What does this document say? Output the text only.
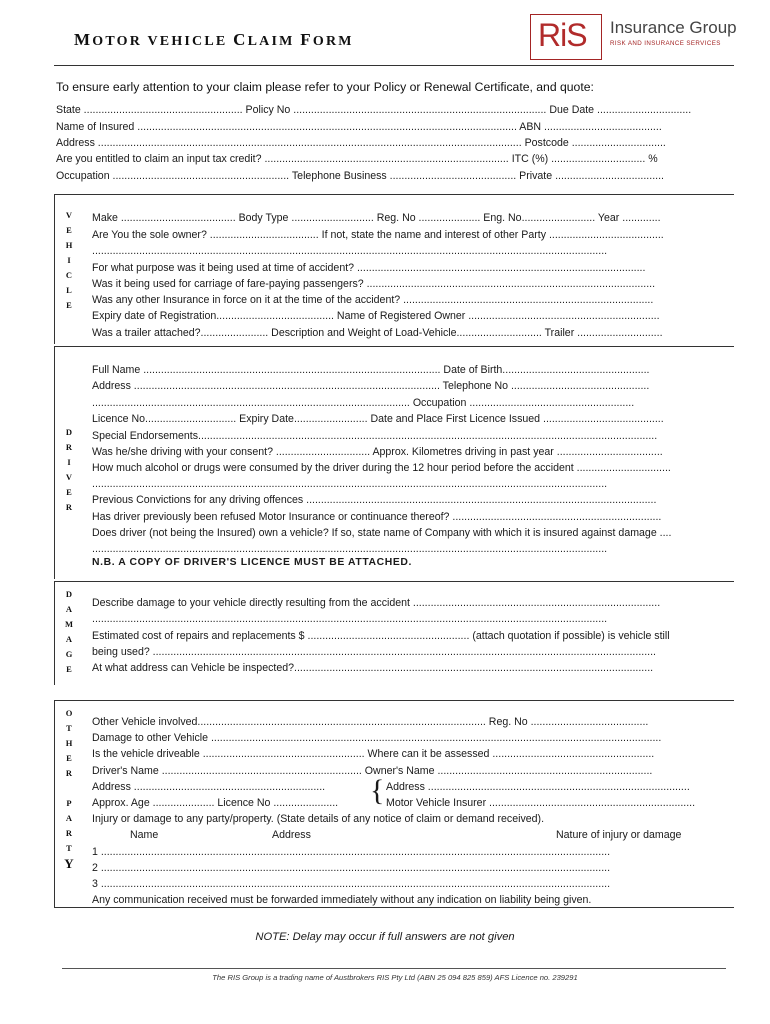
MOTOR VEHICLE CLAIM FORM	RiS Insurance Group
RISK AND INSURANCE SERVICES
To ensure early attention to your claim please refer to your Policy or Renewal Certificate, and quote:
State ...................................................... Policy No ...................................................................................... Due Date ................................
Name of Insured ................................................................................................................................. ABN ........................................
Address ................................................................................................................................................ Postcode ................................
Are you entitled to claim an input tax credit? ................................................................................... ITC (%) ................................ %
Occupation ............................................................ Telephone Business ........................................... Private .....................................
V
E
H
I
C
L
E
Make ....................................... Body Type ............................ Reg. No ..................... Eng. No......................... Year .............
Are You the sole owner? ..................................... If not, state the name and interest of other Party .......................................
...............................................................................................................................................................................
For what purpose was it being used at time of accident? ..................................................................................................
Was it being used for carriage of fare-paying passengers? ..................................................................................................
Was any other Insurance in force on it at the time of the accident? .....................................................................................
Expiry date of Registration........................................ Name of Registered Owner .................................................................
Was a trailer attached?....................... Description and Weight of Load-Vehicle............................. Trailer .............................
D
R
I
V
E
R
Full Name ..................................................................................................... Date of Birth..................................................
Address ........................................................................................................ Telephone No ...............................................
............................................................................................................ Occupation ........................................................
Licence No............................... Expiry Date......................... Date and Place First Licence Issued .........................................
Special Endorsements............................................................................................................................................................
Was he/she driving with your consent? ................................ Approx. Kilometres driving in past year ....................................
How much alcohol or drugs were consumed by the driver during the 12 hour period before the accident ................................
...............................................................................................................................................................................
Previous Convictions for any driving offences .......................................................................................................................
Has driver previously been refused Motor Insurance or continuance thereof? .......................................................................
Does driver (not being the Insured) own a vehicle? If so, state name of Company with which it is insured against damage ....
...............................................................................................................................................................................
N.B. A COPY OF DRIVER'S LICENCE MUST BE ATTACHED.
D
A
M
A
G
E
Describe damage to your vehicle directly resulting from the accident ....................................................................................
...............................................................................................................................................................................
Estimated cost of repairs and replacements $ ....................................................... (attach quotation if possible) is vehicle still
being used? ...........................................................................................................................................................................
At what address can Vehicle be inspected?..........................................................................................................................
O
T
H
E
R
P
A
R
T
Y
Other Vehicle involved.................................................................................................. Reg. No ........................................
Damage to other Vehicle .........................................................................................................................................................
Is the vehicle driveable ....................................................... Where can it be assessed .......................................................
Driver's Name .................................................................... Owner's Name .........................................................................
Address .................................................................
Approx. Age ..................... Licence No ......................	{ Address .........................................................................................
Motor Vehicle Insurer ......................................................................
Injury or damage to any party/property. (State details of any notice of claim or demand received).
Name	Address	Nature of injury or damage
1 .............................................................................................................................................................................
2 .............................................................................................................................................................................
3 .............................................................................................................................................................................
Any communication received must be forwarded immediately without any indication on liability being given.
NOTE: Delay may occur if full answers are not given
The RIS Group is a trading name of Austbrokers RIS Pty Ltd (ABN 25 094 825 859) AFS Licence no. 239291
